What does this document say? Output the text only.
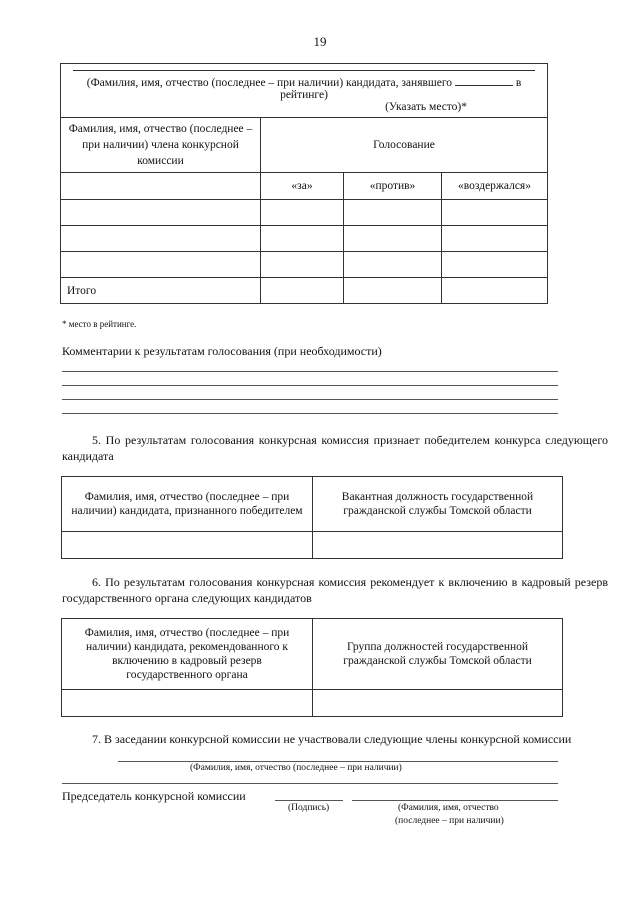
19
(Фамилия, имя, отчество (последнее – при наличии) кандидата, занявшего в рейтинге)
(Указать место)*			

Фамилия, имя, отчество (последнее – при наличии) члена конкурсной комиссии	Голосование		
	«за»	«против»	«воздержался»

Итого			
* место в рейтинге.
Комментарии к результатам голосования (при необходимости)
5. По результатам голосования конкурсная комиссия признает победителем конкурса следующего кандидата
Фамилия, имя, отчество (последнее – при наличии) кандидата, признанного победителем	Вакантная должность государственной гражданской службы Томской области

6. По результатам голосования конкурсная комиссия рекомендует к включению в кадровый резерв государственного органа следующих кандидатов
Фамилия, имя, отчество (последнее – при наличии) кандидата, рекомендованного к включению в кадровый резерв государственного органа	Группа должностей государственной гражданской службы Томской области

7. В заседании конкурсной комиссии не участвовали следующие члены конкурсной комиссии
(Фамилия, имя, отчество (последнее – при наличии)
Председатель конкурсной комиссии
(Подпись)	(Фамилия, имя, отчество
(последнее – при наличии)
